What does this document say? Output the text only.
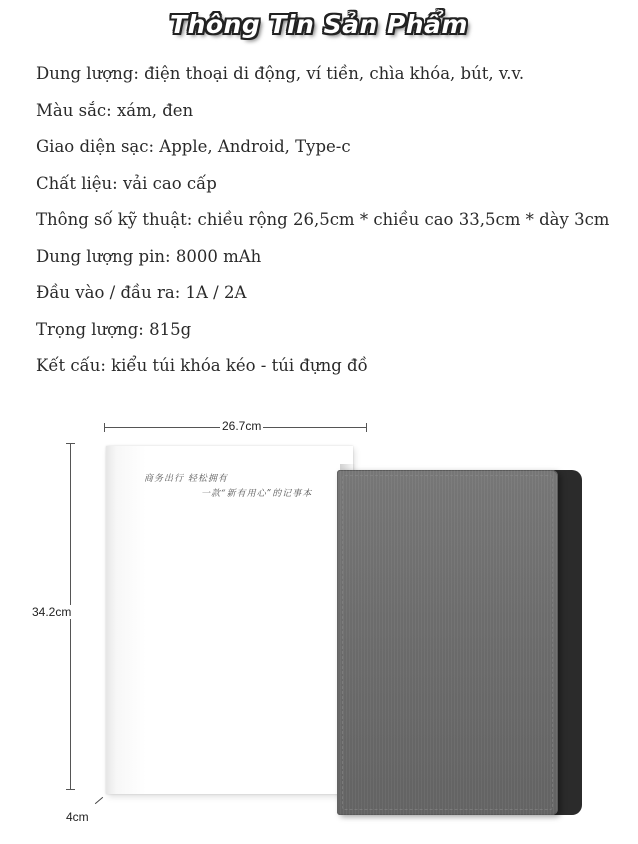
Thông Tin Sản Phẩm
Dung lượng: điện thoại di động, ví tiền, chìa khóa, bút, v.v.
Màu sắc: xám, đen
Giao diện sạc: Apple, Android, Type-c
Chất liệu: vải cao cấp
Thông số kỹ thuật: chiều rộng 26,5cm * chiều cao 33,5cm * dày 3cm
Dung lượng pin: 8000 mAh
Đầu vào / đầu ra: 1A / 2A
Trọng lượng: 815g
Kết cấu: kiểu túi khóa kéo - túi đựng đồ
26.7cm
34.2cm
4cm
商务出行 轻松拥有
一款“新有用心”的记事本
